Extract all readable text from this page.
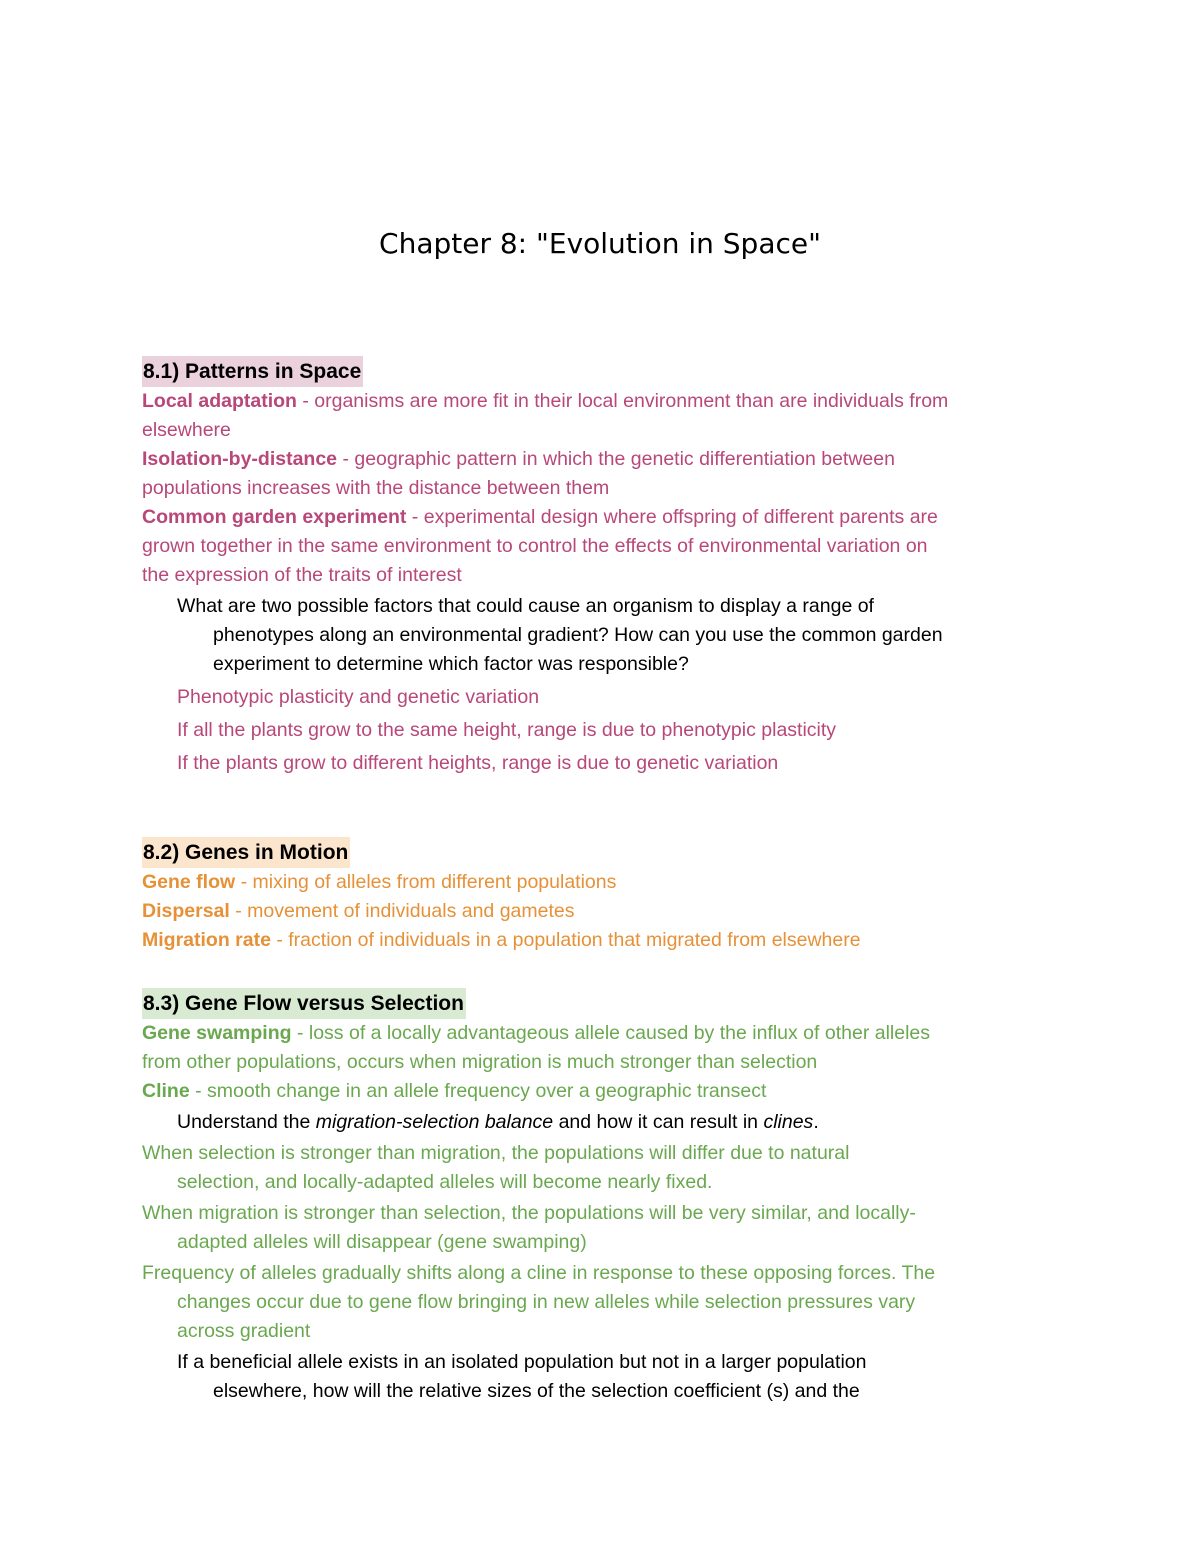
Chapter 8: "Evolution in Space"
8.1) Patterns in Space
Local adaptation - organisms are more fit in their local environment than are individuals from
elsewhere
Isolation-by-distance - geographic pattern in which the genetic differentiation between
populations increases with the distance between them
Common garden experiment - experimental design where offspring of different parents are
grown together in the same environment to control the effects of environmental variation on
the expression of the traits of interest
What are two possible factors that could cause an organism to display a range of
phenotypes along an environmental gradient? How can you use the common garden
experiment to determine which factor was responsible?
Phenotypic plasticity and genetic variation
If all the plants grow to the same height, range is due to phenotypic plasticity
If the plants grow to different heights, range is due to genetic variation
8.2) Genes in Motion
Gene flow - mixing of alleles from different populations
Dispersal - movement of individuals and gametes
Migration rate - fraction of individuals in a population that migrated from elsewhere
8.3) Gene Flow versus Selection
Gene swamping - loss of a locally advantageous allele caused by the influx of other alleles
from other populations, occurs when migration is much stronger than selection
Cline - smooth change in an allele frequency over a geographic transect
Understand the migration-selection balance and how it can result in clines.
When selection is stronger than migration, the populations will differ due to natural
selection, and locally-adapted alleles will become nearly fixed.
When migration is stronger than selection, the populations will be very similar, and locally-
adapted alleles will disappear (gene swamping)
Frequency of alleles gradually shifts along a cline in response to these opposing forces. The
changes occur due to gene flow bringing in new alleles while selection pressures vary
across gradient
If a beneficial allele exists in an isolated population but not in a larger population
elsewhere, how will the relative sizes of the selection coefficient (s) and the
